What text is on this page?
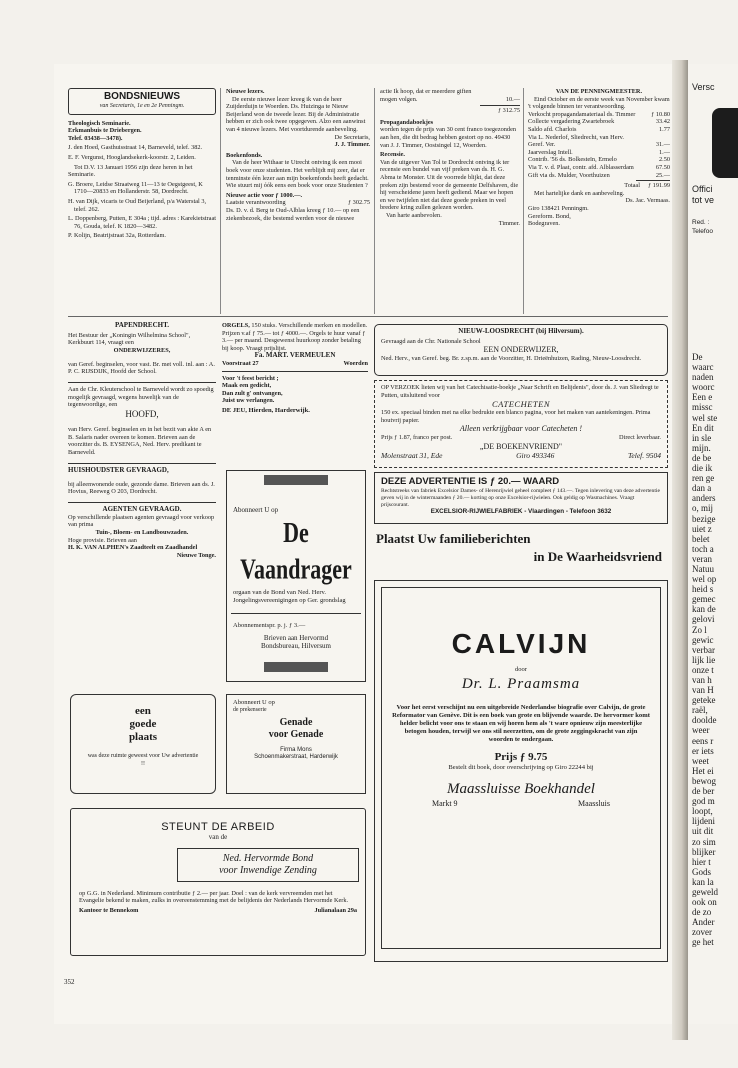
Versc
Offici
tot ve
Red. :
Telefoo
De
waarc
naden
woorc
Een e
missc
wel ste
En dit
in sle
mijn.
de be
die ik
ren ge
dan a
anders
o, mij
bezige
uiet z
belet
toch a
veran
Natuu
wel op
heid s
gemec
kan de
gelovi
Zo l
gewic
verbar
lijk lie
onze t
van h
van H
geteke
raël,
doolde
weer
eens r
er iets
weet
Het ei
bewog
de ber
god m
loopt,
lijdeni
uit dit
zo sim
blijker
hier t
Gods
kan la
geweld
ook on
de zo
Ander
zover
ge het
BONDSNIEUWS
van Secretaris, 1e en 2e Penningm.
Theologisch Seminarie.
Erkmanbuis te Driebergen.
Telef. 03438—3478).

J. den Hoed, Gasthuisstraat 14, Barneveld, telef. 382.

E. F. Vergunst, Hooglandsekerk-koorstr. 2, Leiden.

Tot D.V. 13 Januari 1956 zijn deze heren in het Seminarie.

G. Broere, Leidse Straatweg 11—13 te Oegstgeest, K 1710—20833 en Hollanderstr. 58, Dordrecht.

H. van Dijk, vicaris te Oud Beijerland, p/a Waterstal 3, telef. 262.

L. Doppenberg, Putten, E 304a ; tijd. adres : Karekietstraat 76, Gouda, telef. K 1820—3482.

P. Kolijn, Beatrijstraat 32a, Rotterdam.

Nieuwe lezers.

De eerste nieuwe lezer kreeg ik van de heer Zuijderduijn te Woerden. Ds. Huizinga te Nieuw Beijerland won de tweede lezer. Bij de Administratie hebben er zich ook twee opgegeven. Alzo een aanwinst van 4 nieuwe lezers. Met voortdurende aanbeveling.

De Secretaris,
J. J. Timmer.
Boekenfonds.

Van de heer Withaar te Utrecht ontving ik een mooi boek voor onze studenten. Het verblijdt mij zeer, dat er tenminste één lezer aan mijn boekenfonds heeft gedacht. Wie stuurt mij óók eens een boek voor onze Studenten ?

Nieuwe actie voor ƒ 1000.—.
Laatste verantwoording	ƒ 302.75

Ds. D. v. d. Berg te Oud-Alblas kreeg ƒ 10.— op een ziekenbezoek, die bestemd werden voor de nieuwe

actie Ik hoop, dat er meerdere giften mogen volgen.	10.—
ƒ 312.75
Propagandaboekjes

worden tegen de prijs van 30 cent franco toegezonden aan hen, die dit bedrag hebben gestort op no. 49430 van J. J. Timmer, Oostsingel 12, Woerden.

Recensie.

Van de uitgever Van Tol te Dordrecht ontving ik ter recensie een bundel van vijf preken van ds. H. G. Abma te Monster. Uit de voorrede blijkt, dat deze preken zijn bestemd voor de gemeente Delfshaven, die hij verscheidene jaren heeft gediend. Maar we hopen en we twijfelen niet dat deze goede preken in veel bredere kring zullen gelezen worden.

Van harte aanbevolen.
Timmer.
VAN DE PENNINGMEESTER.

Eind October en de eerste week van November kwam 't volgende binnen ter verantwoording.

Verkocht propagandamateriaal ds. Timmer ƒ 10.80
Collecte vergadering Zwartebroek	33.42
Saldo afd. Charlois	1.77
Via L. Nederlof, Sliedrecht, van Herv. Geref. Ver.	31.—
Jaarverslag Intell.	1.—
Contrib. '56 ds. Bolkesteïn, Ermelo	2.50
Via T. v. d. Plaat, contr. afd. Alblasserdam	67.50
Gift via ds. Mulder, Voorthuizen	25.—
Totaal ƒ 191.99

Met hartelijke dank en aanbeveling.

Ds. Jac. Vermaas.
Giro 138421 Penningm.
Gereform. Bond,
Bodegraven.
PAPENDRECHT.

Het Bestuur der „Koningin Wilhelmina School", Kerkbuurt 114, vraagt een

ONDERWIJZERES,

van Geref. beginselen, voor vast. Br. met voll. inl. aan : A. P. C. RIJSDIJK, Hoofd der School.

Aan de Chr. Kleuterschool te Barneveld wordt zo spoedig mogelijk gevraagd, wegens huwelijk van de tegenwoordige, een

HOOFD,

van Herv. Geref. beginselen en in het bezit van akte A en B. Salaris nader overeen te komen. Brieven aan de voorzitter ds. B. EYSENGA, Ned. Herv. predikant te Barneveld.

HUISHOUDSTER GEVRAAGD,

bij alleenwonende oude, gezonde dame. Brieven aan ds. J. Hovius, Reeweg O 203, Dordrecht.

AGENTEN GEVRAAGD.

Op verschillende plaatsen agenten gevraagd voor verkoop van prima

Tuin-, Bloem- en Landbouwzaden.
Hoge provisie. Brieven aan
H. K. VAN ALPHEN's Zaadteelt en Zaadhandel
Nieuwe Tonge.
een
goede
plaats
was deze ruimte geweest voor Uw advertentie !!

ORGELS, 150 stuks. Verschillende merken en modellen. Prijzen v.af ƒ 75.— tot ƒ 4000.—. Orgels te huur vanaf ƒ 3.— per maand. Desgewenst huurkoop zonder betaling bij koop. Vraagt prijslijst.

Fa. MART. VERMEULEN
Voorstraat 27	Woerden
Voor 't feest bericht ;
Maak een gedicht,
Dan zult g' ontvangen,
Juist uw verlangen.
DE JEU, Hierden, Harderwijk.
Abonneert U op
De Vaandrager
orgaan van de Bond van Ned. Herv. Jongelingsvereenigingen op Ger. grondslag
Abonnementspr. p. j. ƒ 3.—
Brieven aan Hervormd
Bondsbureau, Hilversum
Abonneert U op
de prekenserie
Genade
voor Genade
Firma Mons
Schoenmakerstraat, Harderwijk
STEUNT DE ARBEID
van de
Ned. Hervormde Bond
voor Inwendige Zending

op G.G. in Nederland. Minimum contributie ƒ 2.— per jaar. Doel : van de kerk vervreemden met het Evangelie bekend te maken, zulks in overeenstemming met de belijdenis der Nederlands Hervormde Kerk.

Kantoor te Bennekom	Julianalaan 29a
NIEUW-LOOSDRECHT (bij Hilversum).
Gevraagd aan de Chr. Nationale School
EEN ONDERWIJZER,
Ned. Herv., van Geref. beg. Br. z.sp.m. aan de Voorzitter, H. Drieënhuizen, Rading, Nieuw-Loosdrecht.

OP VERZOEK lieten wij van het Catechisatie-boekje „Naar Schrift en Belijdenis", door ds. J. van Sliedregt te Putten, uitsluitend voor

CATECHETEN

150 ex. speciaal binden met na elke bedrukte een blanco pagina, voor het maken van aantekeningen. Prima houtvrij papier.

Alleen verkrijgbaar voor Catecheten !
Prijs ƒ 1.87, franco per post.	Direct leverbaar.
„DE BOEKENVRIEND"
Molenstraat 31, Ede	Giro 493346	Telef. 9504
DEZE ADVERTENTIE IS ƒ 20.— WAARD

Rechtstreeks van fabriek Excelsior Dames- of Herenrijwiel geheel compleet ƒ 143.—. Tegen inlevering van deze advertentie geven wij in de wintermaanden ƒ 20.— korting op onze Excelsior-rijwielen. Ook geldig op Wasmachines. Vraagt prijscourant.

EXCELSIOR-RIJWIELFABRIEK - Vlaardingen - Telefoon 3632
Plaatst Uw familieberichten
in De Waarheidsvriend
CALVIJN
door
Dr. L. Praamsma

Voor het eerst verschijnt nu een uitgebreide Nederlandse biografie over Calvijn, de grote Reformator van Genève. Dit is een boek van grote en blijvende waarde. De hervormer komt helder belicht voor ons te staan en wij horen hem als 't ware opnieuw zijn meesterlijke betogen houden, terwijl we ons stil neerzetten, om de grote zeggingskracht van zijn woorden te ondergaan.

Prijs ƒ 9.75
Bestelt dit boek, door overschrijving op Giro 22244 bij
Maassluisse Boekhandel
Markt 9	Maassluis
352
